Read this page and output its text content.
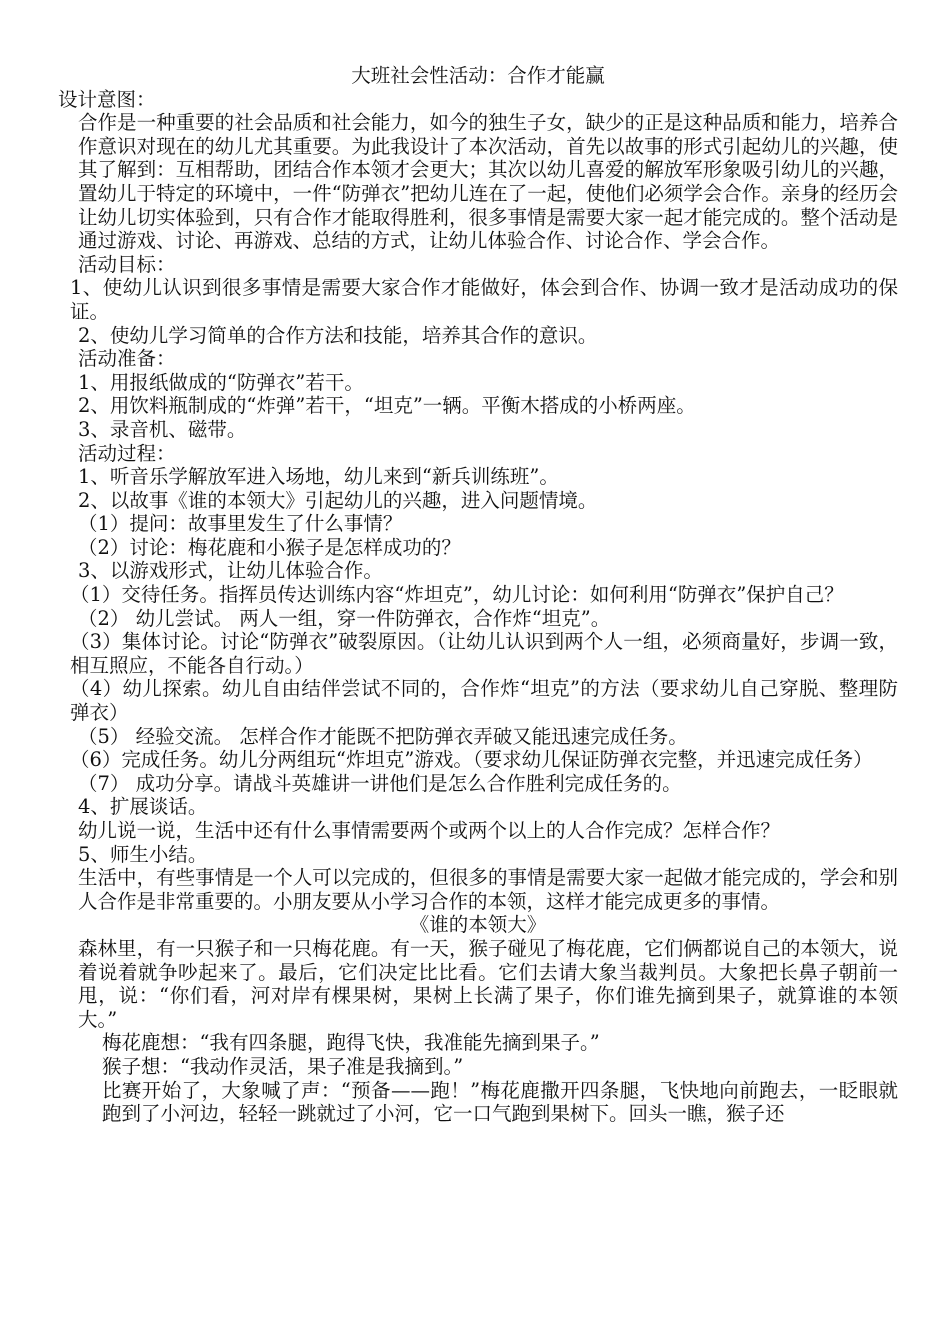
大班社会性活动：合作才能赢

设计意图：

合作是一种重要的社会品质和社会能力，如今的独生子女，缺少的正是这种品质和能力，培养合作意识对现在的幼儿尤其重要。为此我设计了本次活动，首先以故事的形式引起幼儿的兴趣，使其了解到：互相帮助，团结合作本领才会更大；其次以幼儿喜爱的解放军形象吸引幼儿的兴趣，置幼儿于特定的环境中，一件“防弹衣”把幼儿连在了一起，使他们必须学会合作。亲身的经历会让幼儿切实体验到，只有合作才能取得胜利，很多事情是需要大家一起才能完成的。整个活动是通过游戏、讨论、再游戏、总结的方式，让幼儿体验合作、讨论合作、学会合作。

活动目标：

1、使幼儿认识到很多事情是需要大家合作才能做好，体会到合作、协调一致才是活动成功的保证。

2、使幼儿学习简单的合作方法和技能，培养其合作的意识。

活动准备：

1、用报纸做成的“防弹衣”若干。

2、用饮料瓶制成的“炸弹”若干，“坦克”一辆。平衡木搭成的小桥两座。

3、录音机、磁带。

活动过程：

1、听音乐学解放军进入场地，幼儿来到“新兵训练班”。

2、以故事《谁的本领大》引起幼儿的兴趣，进入问题情境。

（1）提问：故事里发生了什么事情？

（2）讨论：梅花鹿和小猴子是怎样成功的？

3、以游戏形式，让幼儿体验合作。

（1）交待任务。指挥员传达训练内容“炸坦克”，幼儿讨论：如何利用“防弹衣”保护自己？

（2） 幼儿尝试。 两人一组，穿一件防弹衣，合作炸“坦克”。

（3）集体讨论。讨论“防弹衣”破裂原因。（让幼儿认识到两个人一组，必须商量好，步调一致，相互照应，不能各自行动。）

（4）幼儿探索。幼儿自由结伴尝试不同的，合作炸“坦克”的方法（要求幼儿自己穿脱、整理防弹衣）

（5） 经验交流。 怎样合作才能既不把防弹衣弄破又能迅速完成任务。

（6）完成任务。幼儿分两组玩“炸坦克”游戏。（要求幼儿保证防弹衣完整，并迅速完成任务）

（7） 成功分享。请战斗英雄讲一讲他们是怎么合作胜利完成任务的。

4、扩展谈话。

幼儿说一说，生活中还有什么事情需要两个或两个以上的人合作完成？怎样合作？

5、师生小结。

生活中，有些事情是一个人可以完成的，但很多的事情是需要大家一起做才能完成的，学会和别人合作是非常重要的。小朋友要从小学习合作的本领，这样才能完成更多的事情。

《谁的本领大》

森林里，有一只猴子和一只梅花鹿。有一天，猴子碰见了梅花鹿，它们俩都说自己的本领大，说着说着就争吵起来了。最后，它们决定比比看。它们去请大象当裁判员。大象把长鼻子朝前一甩，说：“你们看，河对岸有棵果树，果树上长满了果子，你们谁先摘到果子，就算谁的本领大。”

梅花鹿想：“我有四条腿，跑得飞快，我准能先摘到果子。”

猴子想：“我动作灵活，果子准是我摘到。”

比赛开始了，大象喊了声：“预备——跑！”梅花鹿撒开四条腿，飞快地向前跑去，一眨眼就跑到了小河边，轻轻一跳就过了小河，它一口气跑到果树下。回头一瞧，猴子还
